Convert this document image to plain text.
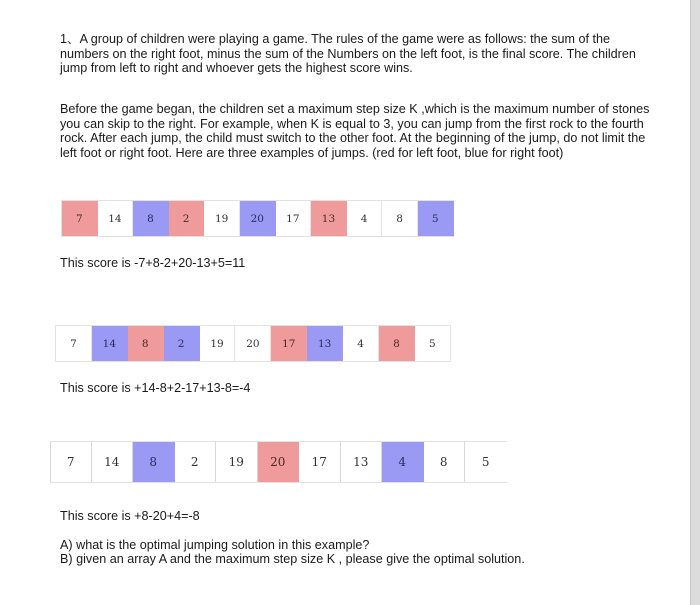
1、A group of children were playing a game. The rules of the game were as follows: the sum of the numbers on the right foot, minus the sum of the Numbers on the left foot, is the final score. The children jump from left to right and whoever gets the highest score wins.

Before the game began, the children set a maximum step size K ,which is the maximum number of stones you can skip to the right. For example, when K is equal to 3, you can jump from the first rock to the fourth rock. After each jump, the child must switch to the other foot. At the beginning of the jump, do not limit the left foot or right foot. Here are three examples of jumps. (red for left foot, blue for right foot)

7	14	8	2	19	20	17	13	4	8	5

This score is -7+8-2+20-13+5=11

7	14	8	2	19	20	17	13	4	8	5

This score is +14-8+2-17+13-8=-4

7	14	8	2	19	20	17	13	4	8	5

This score is +8-20+4=-8

A) what is the optimal jumping solution in this example?

B) given an array A and the maximum step size K , please give the optimal solution.
